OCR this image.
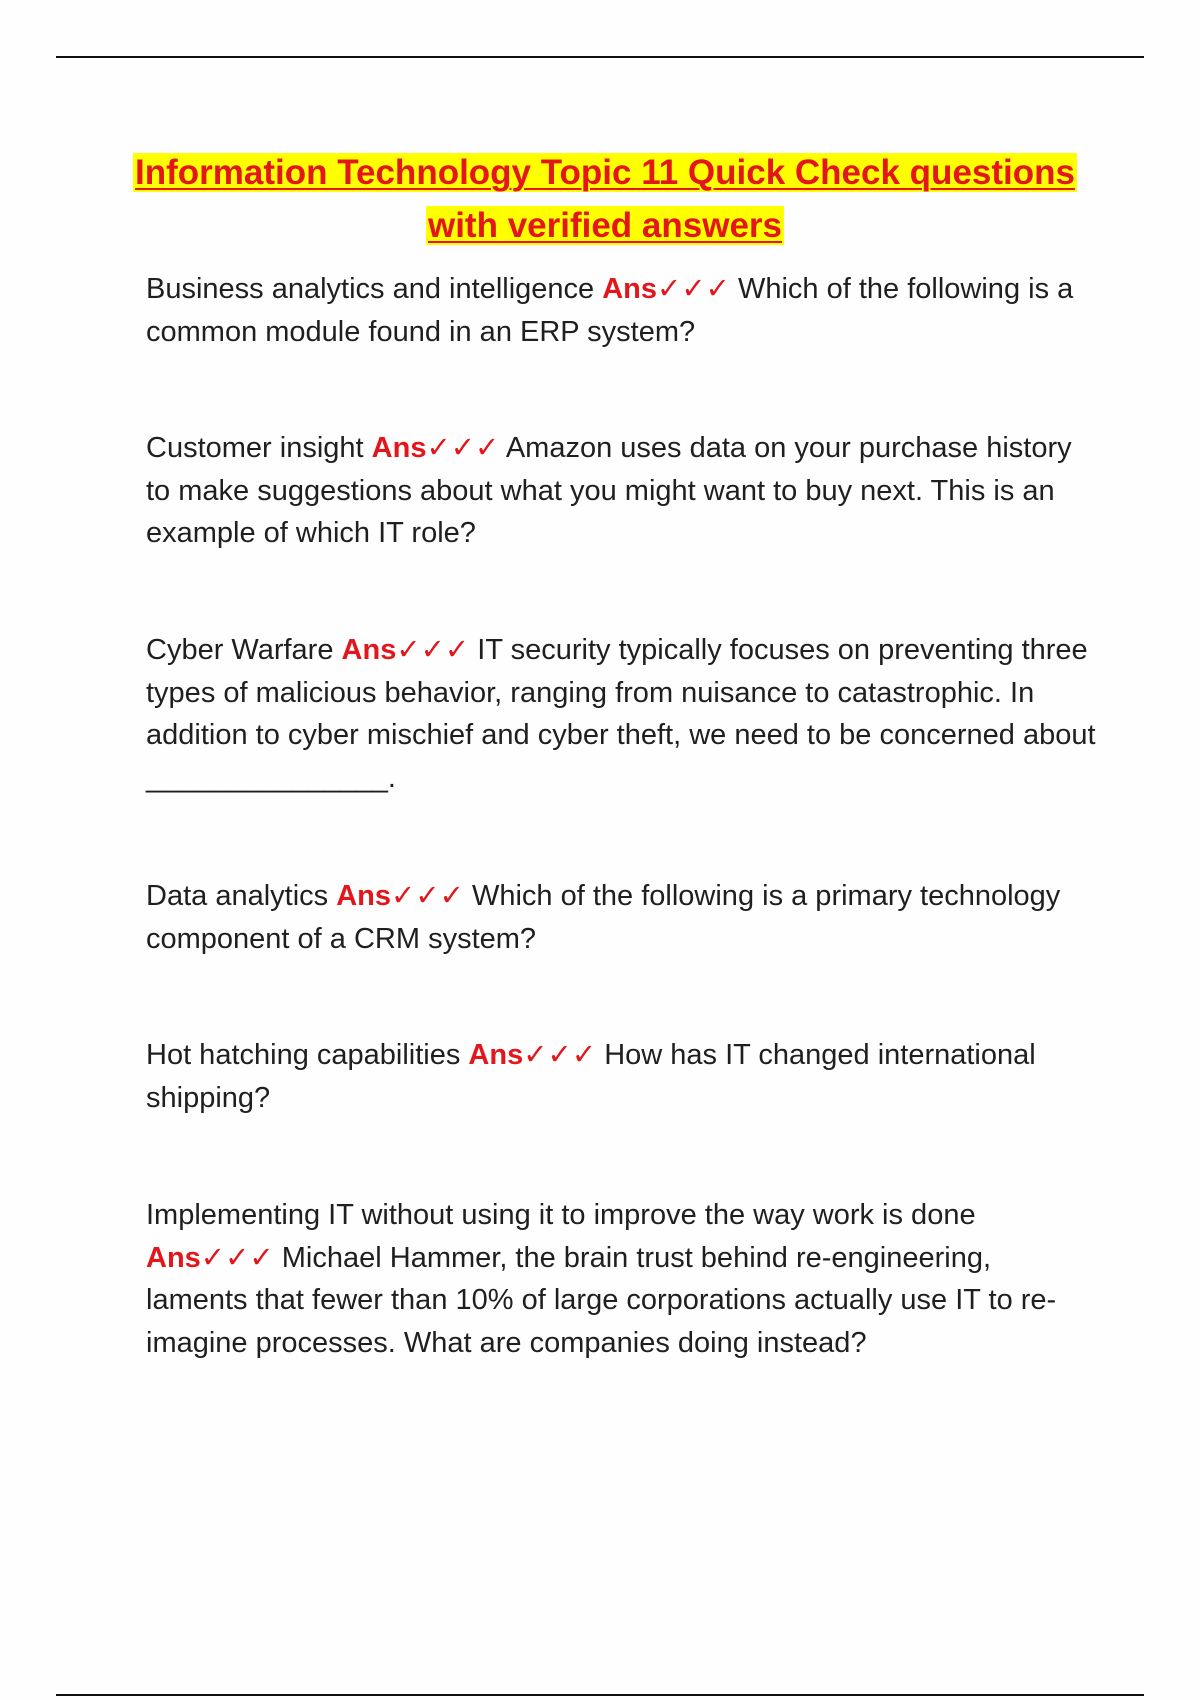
Information Technology Topic 11 Quick Check questions with verified answers
Business analytics and intelligence Ans✓✓✓ Which of the following is a common module found in an ERP system?
Customer insight Ans✓✓✓ Amazon uses data on your purchase history to make suggestions about what you might want to buy next. This is an example of which IT role?
Cyber Warfare Ans✓✓✓ IT security typically focuses on preventing three types of malicious behavior, ranging from nuisance to catastrophic. In addition to cyber mischief and cyber theft, we need to be concerned about _______________.
Data analytics Ans✓✓✓ Which of the following is a primary technology component of a CRM system?
Hot hatching capabilities Ans✓✓✓ How has IT changed international shipping?
Implementing IT without using it to improve the way work is done Ans✓✓✓ Michael Hammer, the brain trust behind re-engineering, laments that fewer than 10% of large corporations actually use IT to re-imagine processes. What are companies doing instead?
